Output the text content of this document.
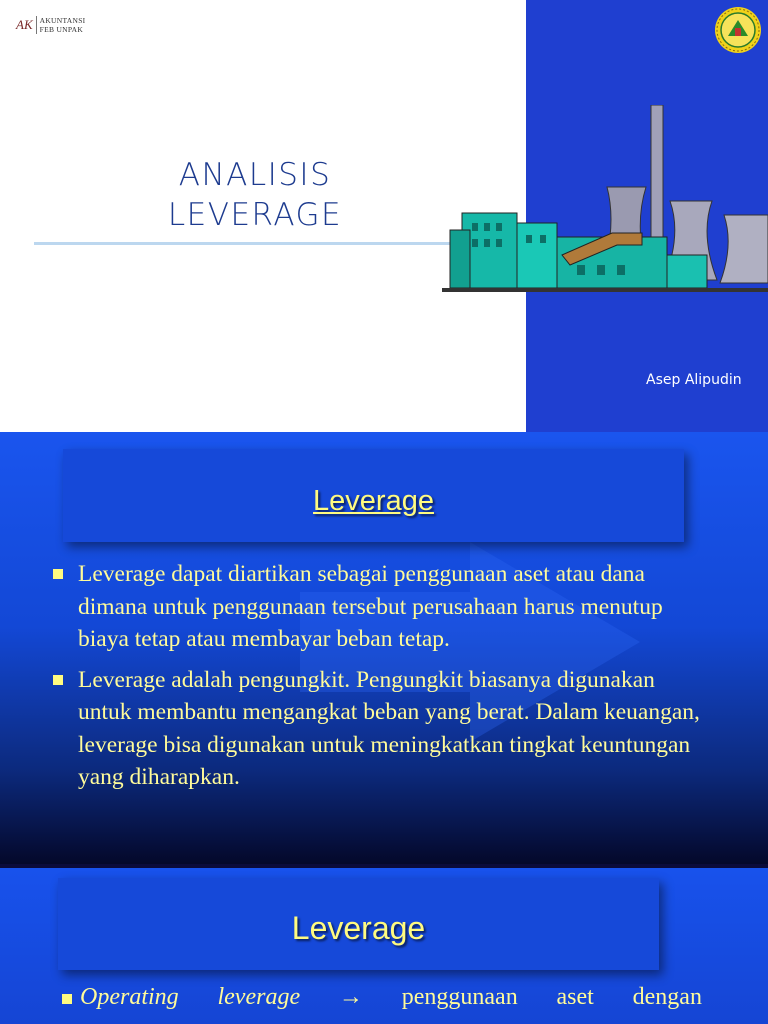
AK AKUNTANSI
FEB UNPAK
ANALISIS
LEVERAGE
Asep Alipudin
Leverage
Leverage dapat diartikan sebagai penggunaan aset atau dana dimana untuk penggunaan tersebut perusahaan harus menutup biaya tetap atau membayar beban tetap.
Leverage adalah pengungkit. Pengungkit biasanya digunakan untuk membantu mengangkat beban yang berat. Dalam keuangan, leverage bisa digunakan untuk meningkatkan tingkat keuntungan yang diharapkan.
Leverage
Operating leverage → penggunaan aset dengan
